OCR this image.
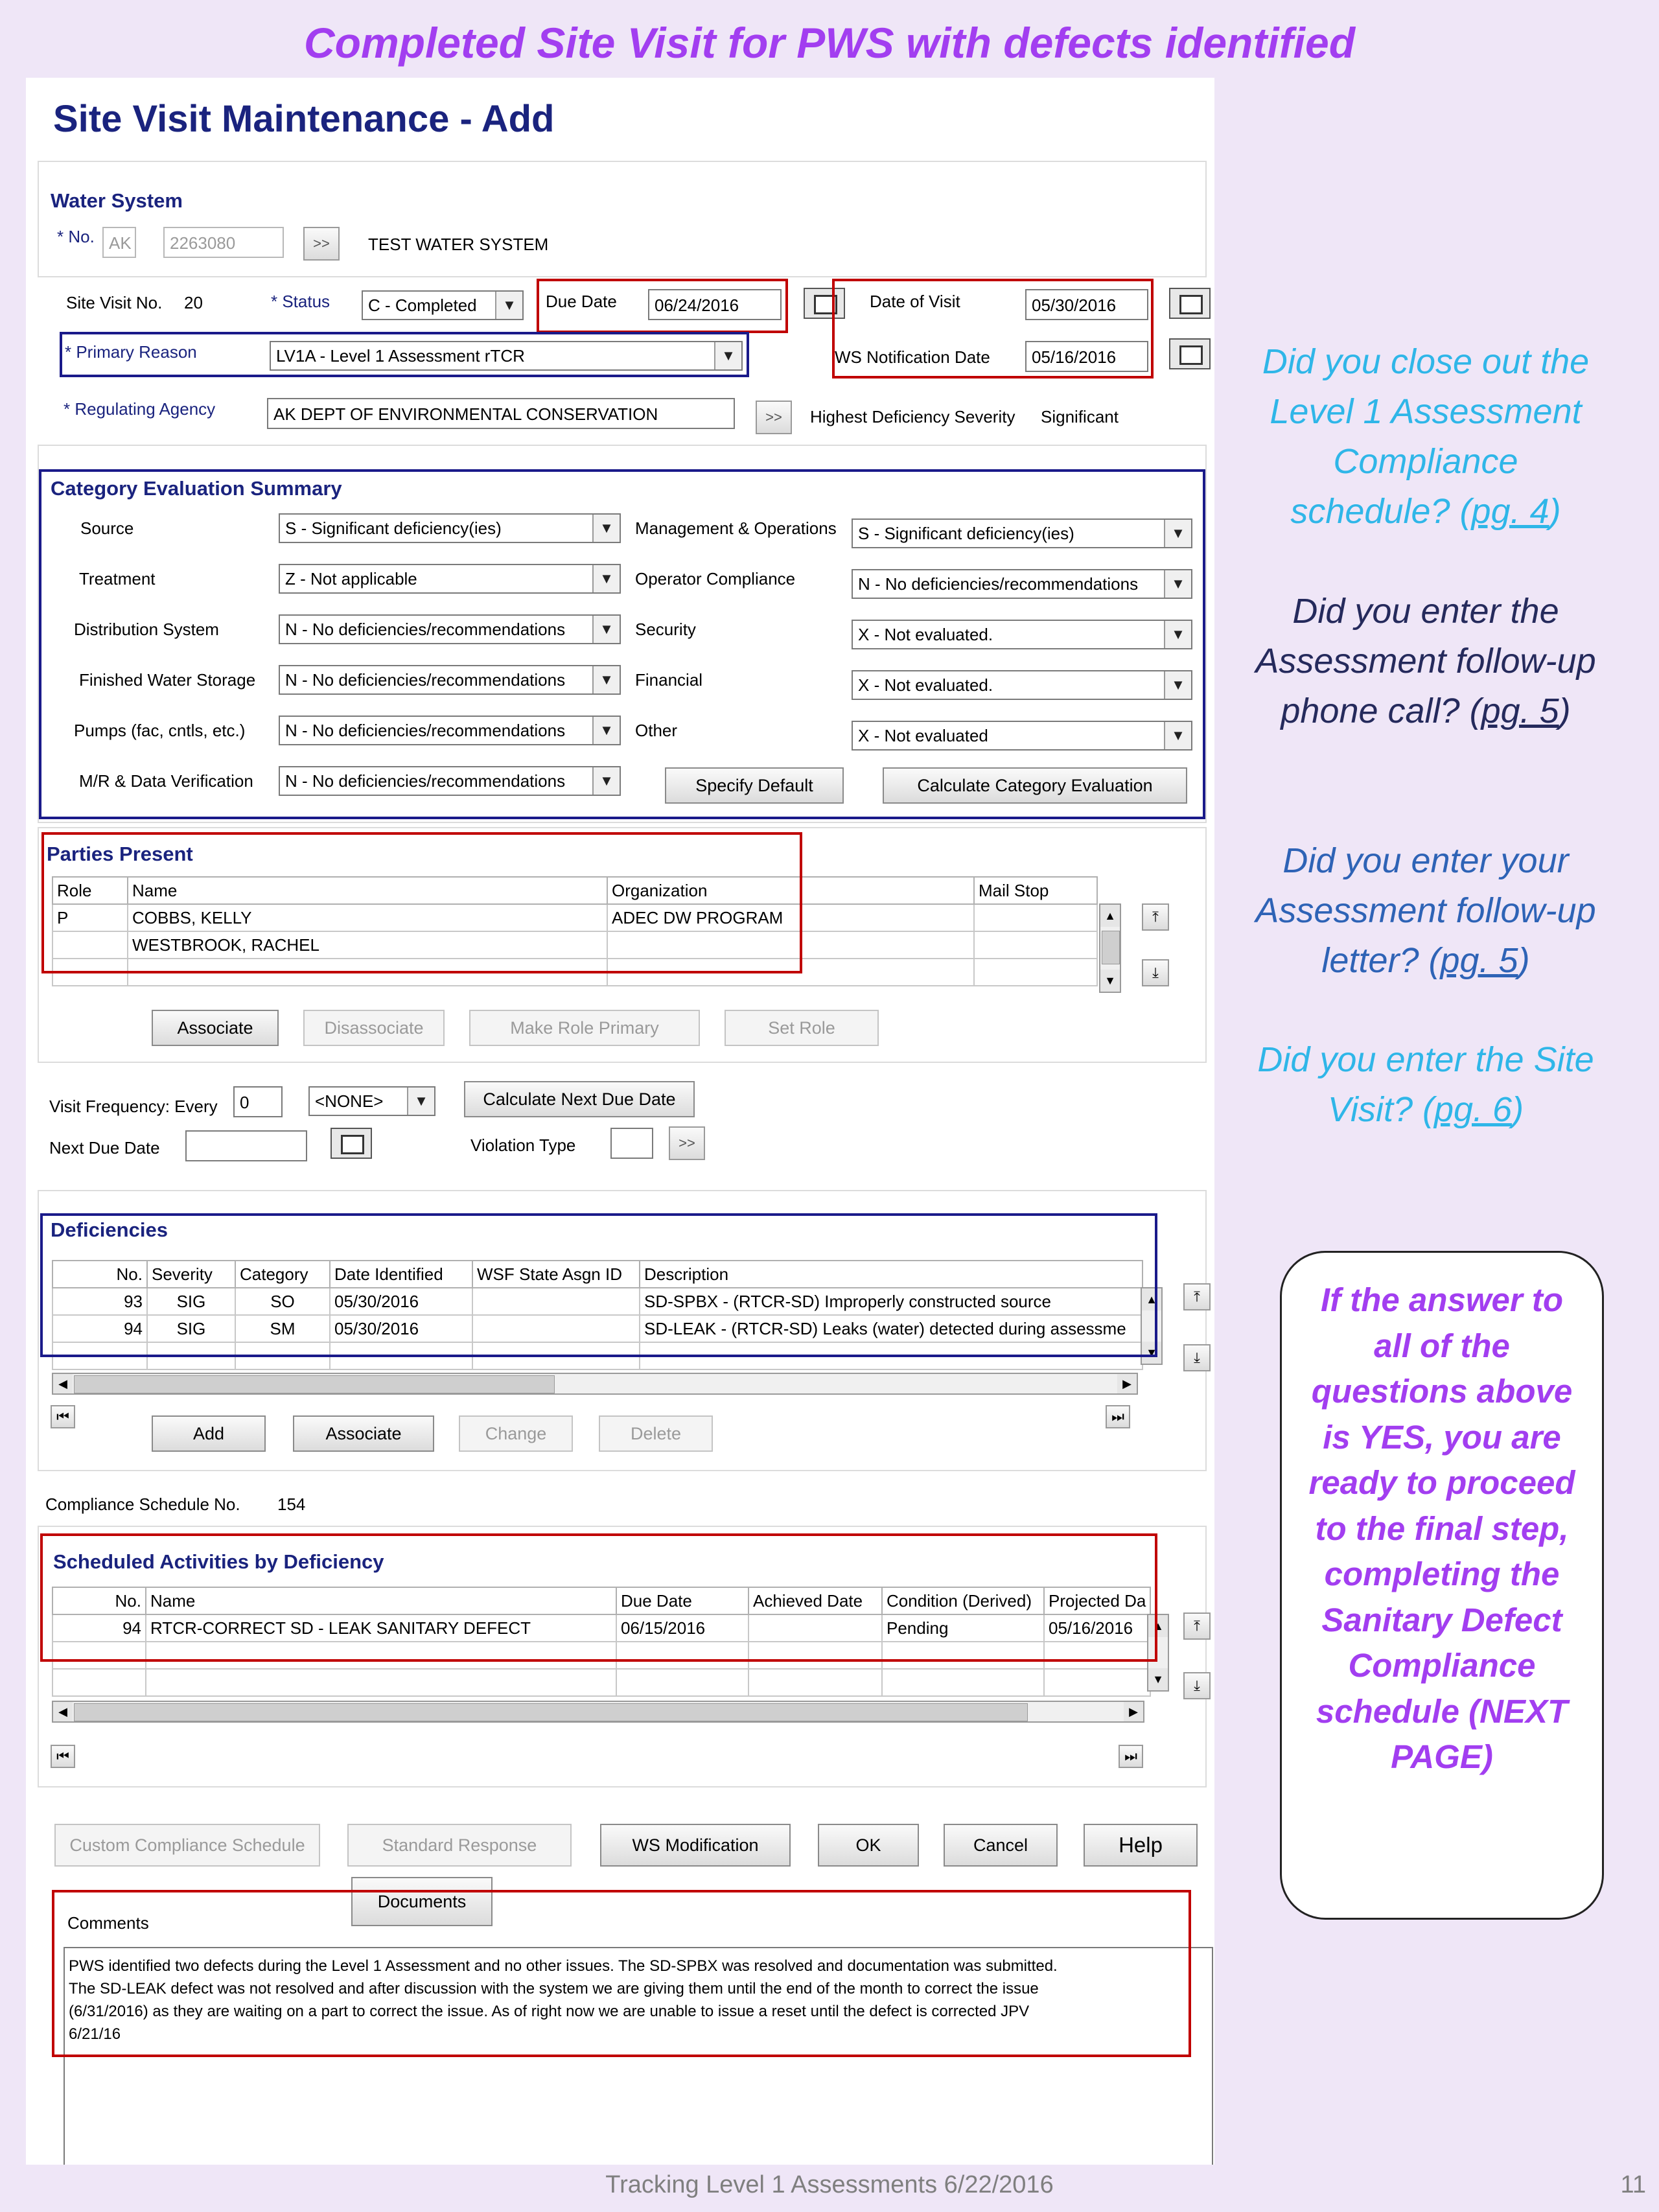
Completed Site Visit for PWS with defects identified
Site Visit Maintenance - Add
Water System
* No. AK	2263080	>>	TEST WATER SYSTEM
Site Visit No. 20	* Status	C - Completed	▼	Due Date	06/24/2016	Date of Visit	05/30/2016
* Primary Reason	LV1A - Level 1 Assessment rTCR	▼	WS Notification Date	05/16/2016
* Regulating Agency	AK DEPT OF ENVIRONMENTAL CONSERVATION	>>	Highest Deficiency Severity Significant
Category Evaluation Summary
Source	S - Significant deficiency(ies)	▼
Treatment	Z - Not applicable	▼
Distribution System	N - No deficiencies/recommendations	▼
Finished Water Storage	N - No deficiencies/recommendations	▼
Pumps (fac, cntls, etc.)	N - No deficiencies/recommendations	▼
M/R & Data Verification	N - No deficiencies/recommendations	▼
Management & Operations	S - Significant deficiency(ies)	▼
Operator Compliance	N - No deficiencies/recommendations	▼
Security	X - Not evaluated.	▼
Financial	X - Not evaluated.	▼
Other	X - Not evaluated	▼
Specify Default	Calculate Category Evaluation
Parties Present
Role	Name	Organization	Mail Stop
P	COBBS, KELLY	ADEC DW PROGRAM	
	WESTBROOK, RACHEL		

▲
▼
⤒
⤓
Associate	Disassociate	Make Role Primary	Set Role
Visit Frequency: Every	0	<NONE>	▼	Calculate Next Due Date
Next Due Date	Violation Type	>>
Deficiencies
No.	Severity	Category	Date Identified	WSF State Asgn ID	Description
93	SIG	SO	05/30/2016		SD-SPBX - (RTCR-SD) Improperly constructed source
94	SIG	SM	05/30/2016		SD-LEAK - (RTCR-SD) Leaks (water) detected during assessme

▲
▼
◀	▶
⤒
⤓
⏮	⏭
Add	Associate	Change	Delete
Compliance Schedule No. 154
Scheduled Activities by Deficiency
No.	Name	Due Date	Achieved Date	Condition (Derived)	Projected Da
94	RTCR-CORRECT SD - LEAK SANITARY DEFECT	06/15/2016		Pending	05/16/2016

						▲
▼
◀	▶
⤒
⤓
⏮	⏭
Custom Compliance Schedule	Standard Response	WS Modification	OK	Cancel	Help
Documents
Comments
PWS identified two defects during the Level 1 Assessment and no other issues. The SD-SPBX was resolved and documentation was submitted.
The SD-LEAK defect was not resolved and after discussion with the system we are giving them until the end of the month to correct the issue
(6/31/2016) as they are waiting on a part to correct the issue. As of right now we are unable to issue a reset until the defect is corrected JPV
6/21/16
Did you close out the Level 1 Assessment Compliance schedule? (pg. 4)
Did you enter the Assessment follow-up phone call? (pg. 5)
Did you enter your Assessment follow-up letter? (pg. 5)
Did you enter the Site Visit? (pg. 6)
If the answer to all of the questions above is YES, you are ready to proceed to the final step, completing the Sanitary Defect Compliance schedule (NEXT PAGE)
Tracking Level 1 Assessments 6/22/2016	11
